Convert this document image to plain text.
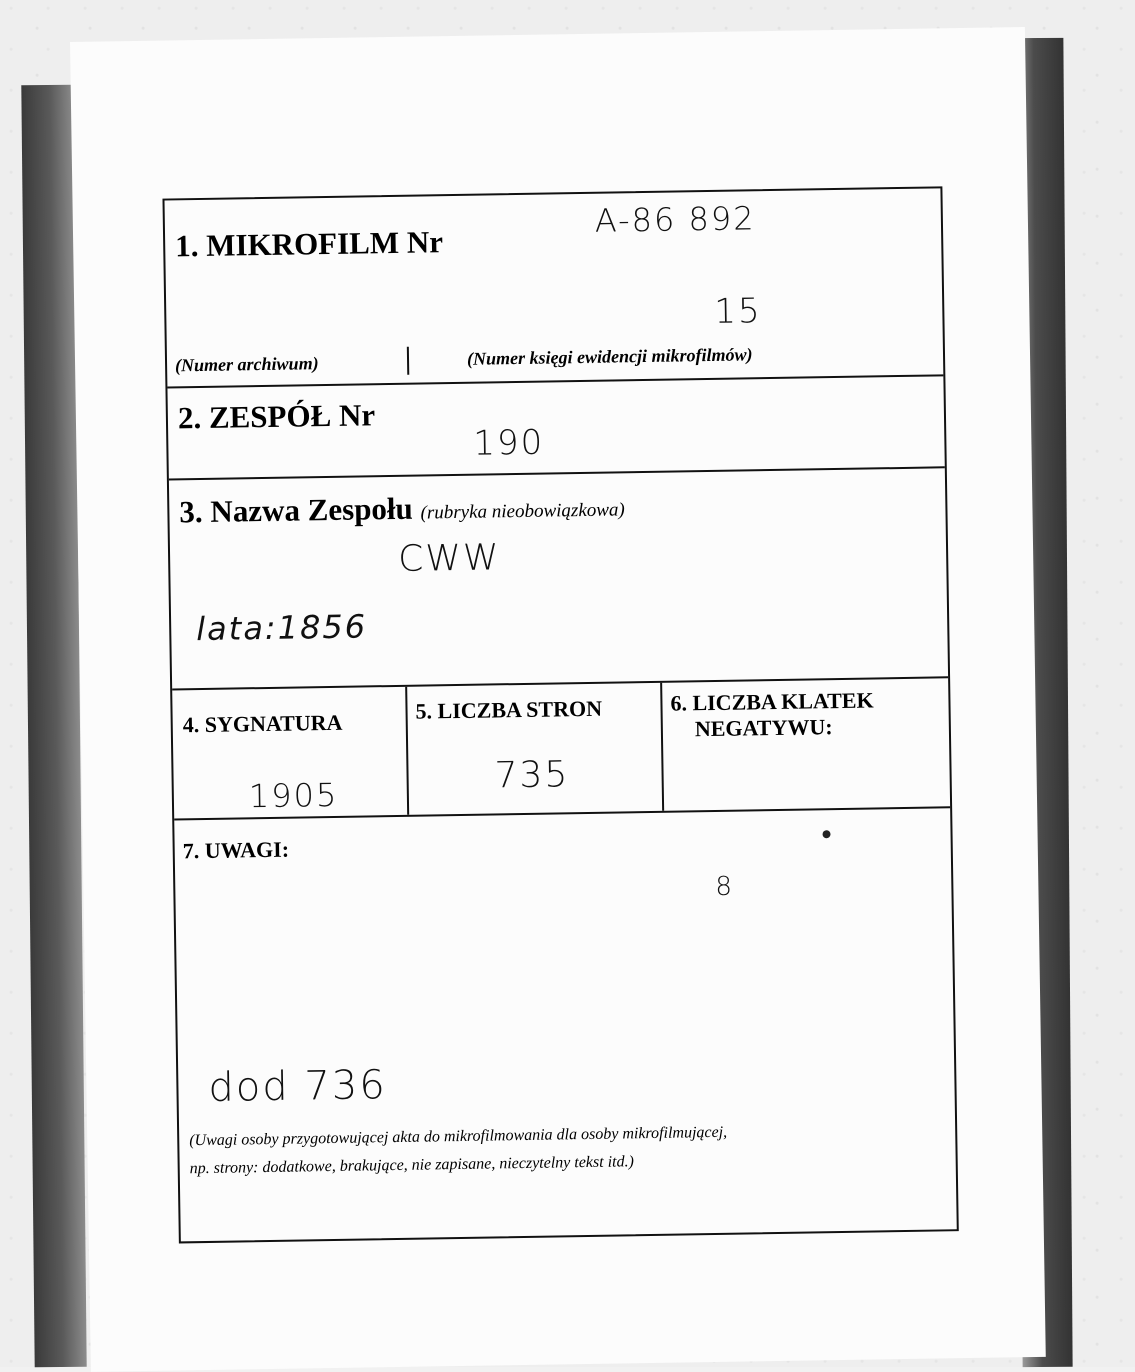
1. MIKROFILM Nr
A-86 892
15
(Numer archiwum)	(Numer księgi ewidencji mikrofilmów)
2. ZESPÓŁ Nr
190
3. Nazwa Zespołu (rubryka nieobowiązkowa)
CWW
lata:1856
4. SYGNATURA
1905
5. LICZBA STRON
735
6. LICZBA KLATEK
NEGATYWU:
7. UWAGI:
8
dod 736
(Uwagi osoby przygotowującej akta do mikrofilmowania dla osoby mikrofilmującej,
np. strony: dodatkowe, brakujące, nie zapisane, nieczytelny tekst itd.)
